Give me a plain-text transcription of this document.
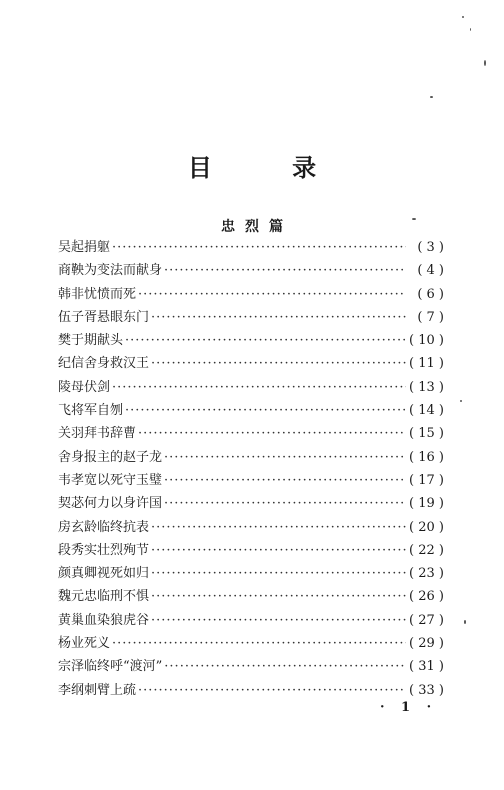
目 录
忠烈篇
吴起捐躯 ·····	( 3 )
商鞅为变法而献身 ·····	( 4 )
韩非忧愤而死 ·····	( 6 )
伍子胥悬眼东门 ·····	( 7 )
樊于期献头 ·····	( 10 )
纪信舍身救汉王 ·····	( 11 )
陵母伏剑 ·····	( 13 )
飞将军自刎 ·····	( 14 )
关羽拜书辞曹 ·····	( 15 )
舍身报主的赵子龙 ·····	( 16 )
韦孝宽以死守玉璧 ·····	( 17 )
契苾何力以身许国 ·····	( 19 )
房玄龄临终抗表 ·····	( 20 )
段秀实壮烈殉节 ·····	( 22 )
颜真卿视死如归 ·····	( 23 )
魏元忠临刑不惧 ·····	( 26 )
黄巢血染狼虎谷 ·····	( 27 )
杨业死义 ·····	( 29 )
宗泽临终呼“渡河” ·····	( 31 )
李纲刺臂上疏 ·····	( 33 )
· 1 ·
